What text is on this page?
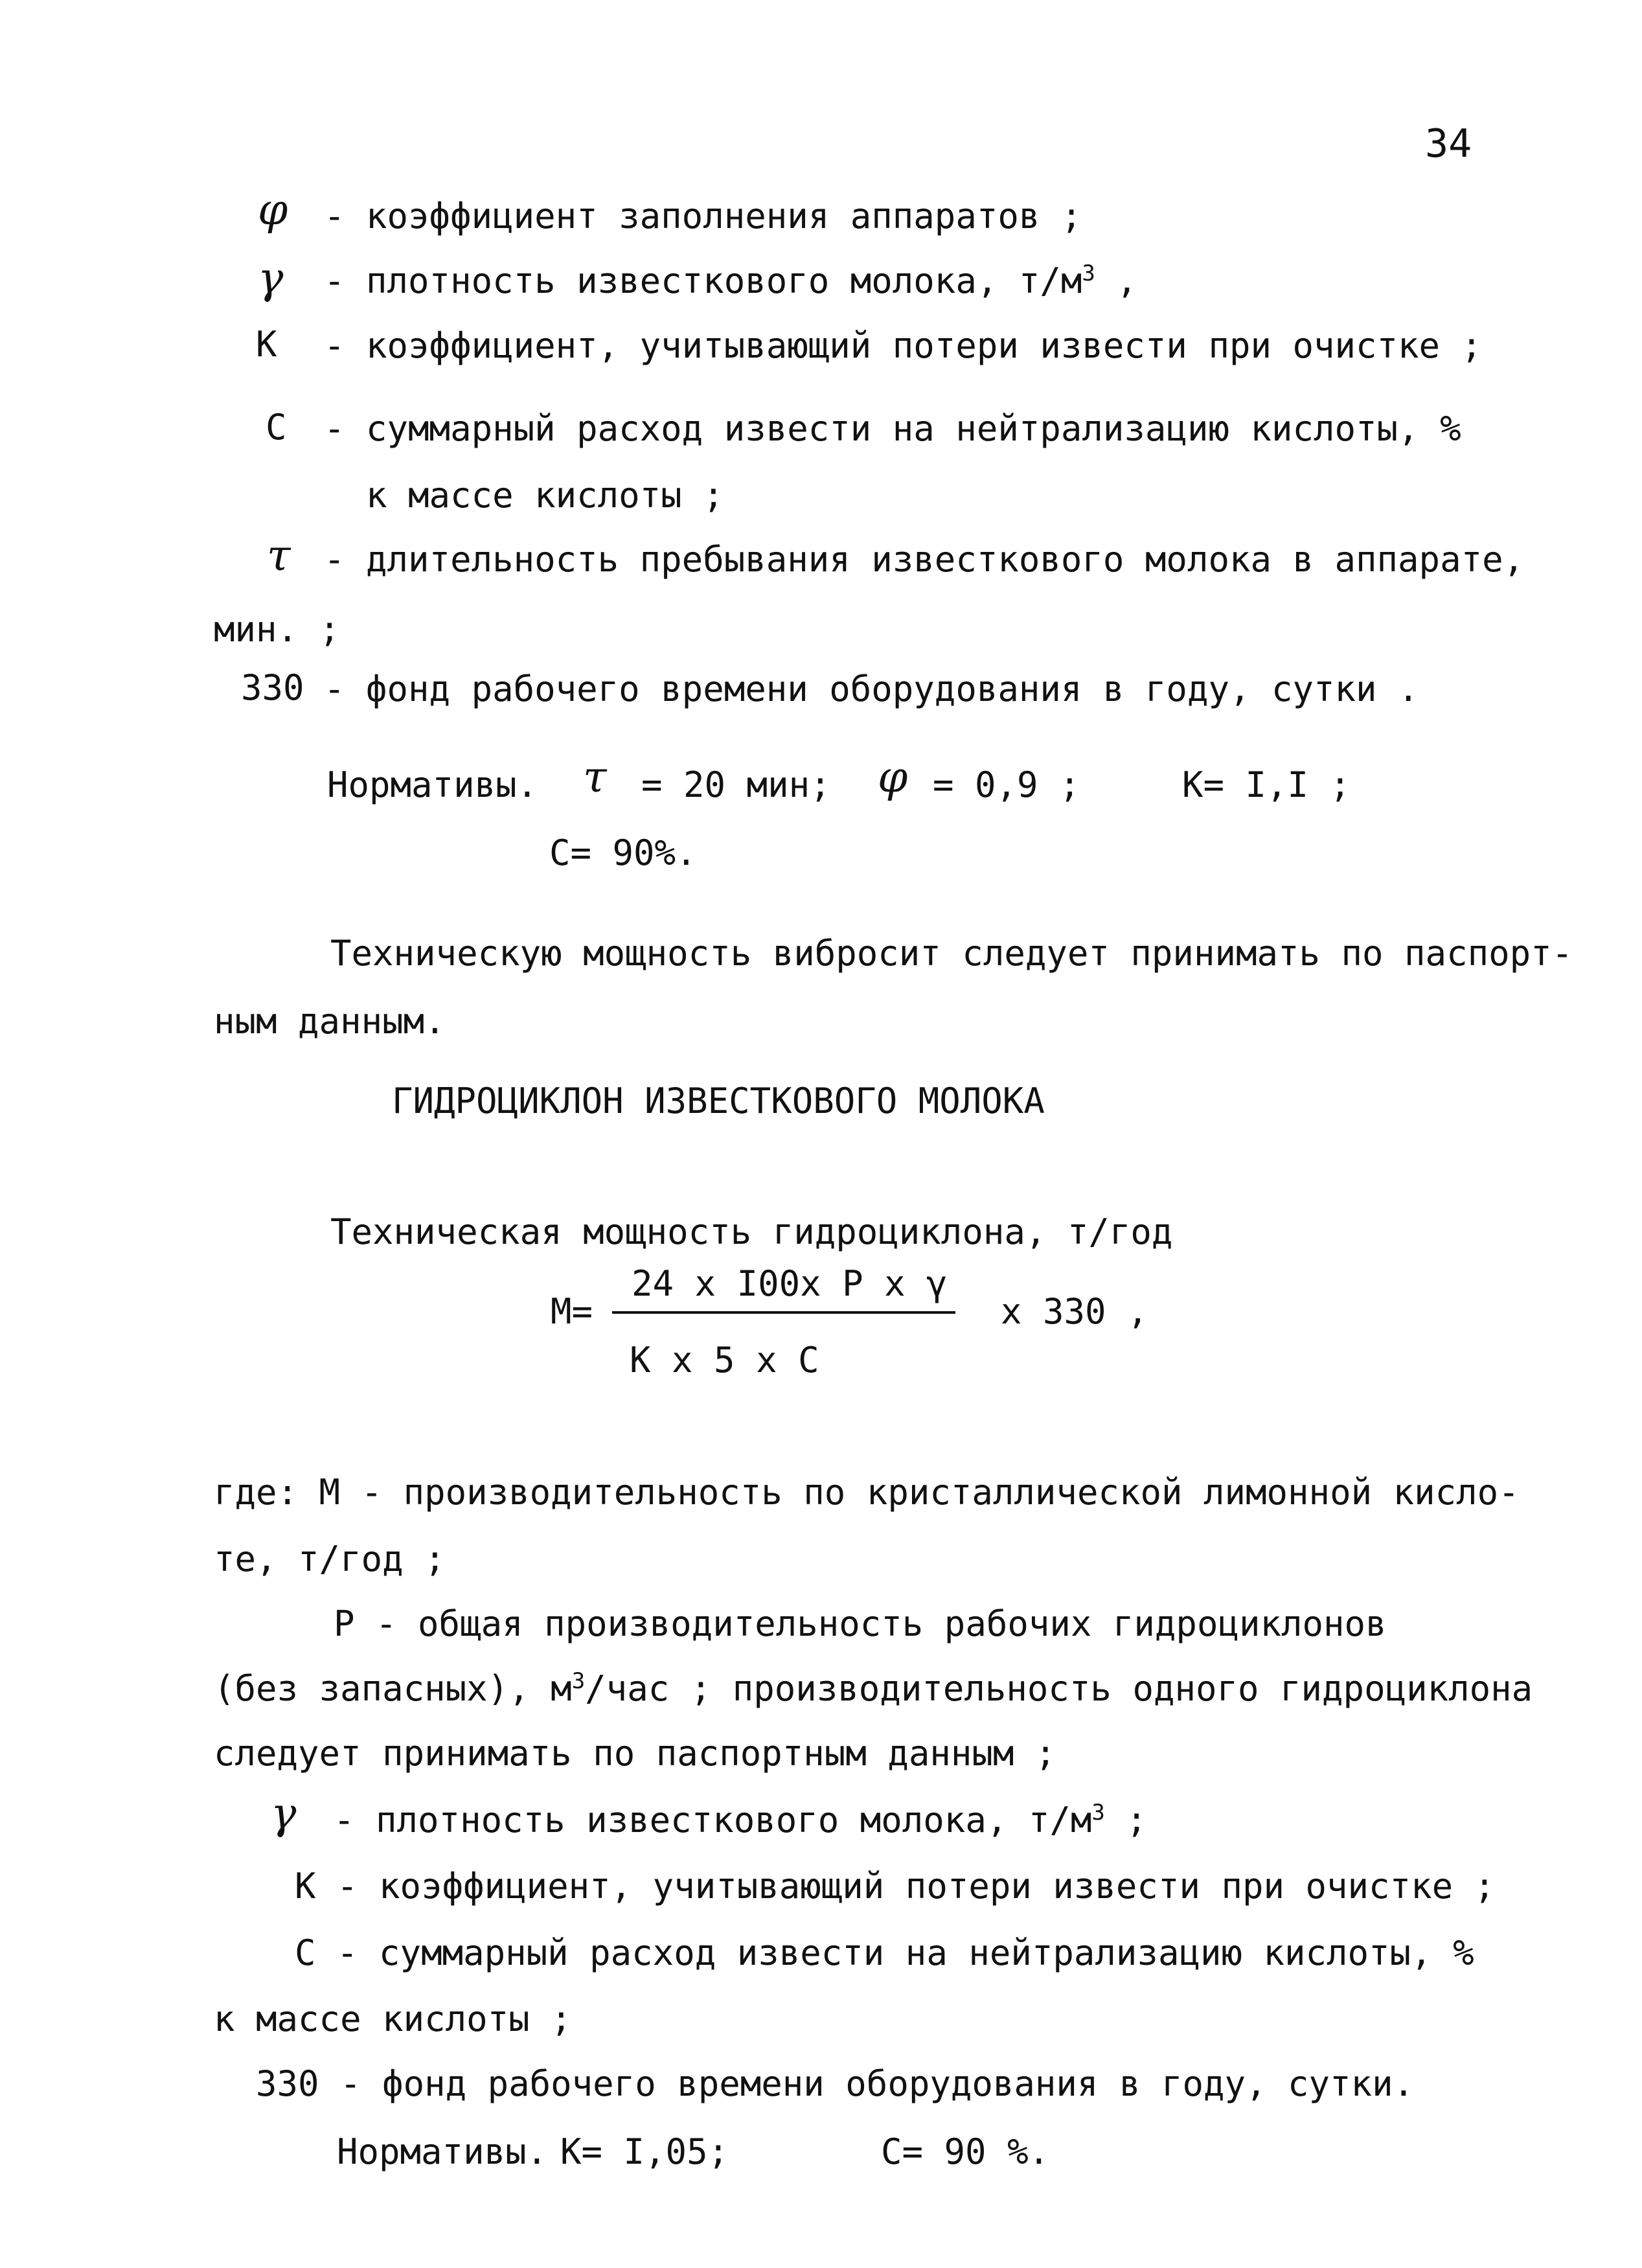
34
φ - коэффициент заполнения аппаратов ;
γ - плотность известкового молока, $т/м^3$ ,
К - коэффициент, учитывающий потери извести при очистке ;
С - суммарный расход извести на нейтрализацию кислоты, %
к массе кислоты ;
τ - длительность пребывания известкового молока в аппарате,
мин. ;
330 - фонд рабочего времени оборудования в году, сутки .
Нормативы. τ = 20 мин; φ = 0,9 ;	К= I,I ;
С= 90%.
Техническую мощность вибросит следует принимать по паспорт-
ным данным.
ГИДРОЦИКЛОН ИЗВЕСТКОВОГО МОЛОКА
Техническая мощность гидроциклона, т/год
М=
24 x I00x P x γ
К x 5 x С
x 330 ,
где: М - производительность по кристаллической лимонной кисло-
те, т/год ;
Р - общая производительность рабочих гидроциклонов
(без запасных), $м^3$/час ; производительность одного гидроциклона
следует принимать по паспортным данным ;
γ - плотность известкового молока, $т/м^3$ ;
К - коэффициент, учитывающий потери извести при очистке ;
С - суммарный расход извести на нейтрализацию кислоты, %
к массе кислоты ;
330 - фонд рабочего времени оборудования в году, сутки.
Нормативы. К= I,05;	С= 90 %.
